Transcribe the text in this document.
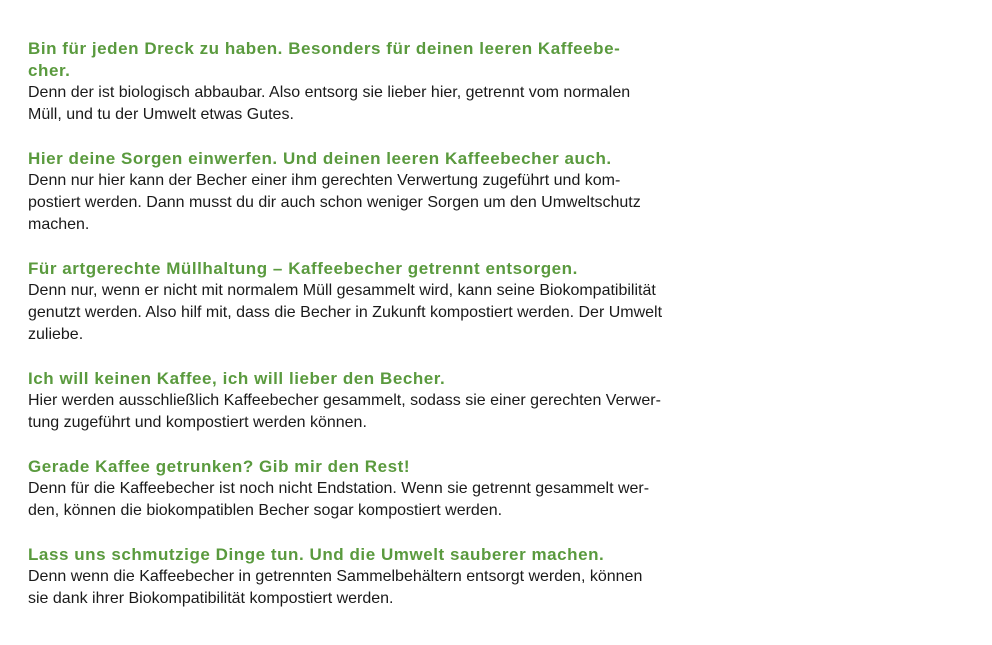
Bin für jeden Dreck zu haben. Besonders für deinen leeren Kaffeebe-
cher.

Denn der ist biologisch abbaubar. Also entsorg sie lieber hier, getrennt vom normalen
Müll, und tu der Umwelt etwas Gutes.

Hier deine Sorgen einwerfen. Und deinen leeren Kaffeebecher auch.

Denn nur hier kann der Becher einer ihm gerechten Verwertung zugeführt und kom-
postiert werden. Dann musst du dir auch schon weniger Sorgen um den Umweltschutz
machen.

Für artgerechte Müllhaltung – Kaffeebecher getrennt entsorgen.

Denn nur, wenn er nicht mit normalem Müll gesammelt wird, kann seine Biokompatibilität
genutzt werden. Also hilf mit, dass die Becher in Zukunft kompostiert werden. Der Umwelt
zuliebe.

Ich will keinen Kaffee, ich will lieber den Becher.

Hier werden ausschließlich Kaffeebecher gesammelt, sodass sie einer gerechten Verwer-
tung zugeführt und kompostiert werden können.

Gerade Kaffee getrunken? Gib mir den Rest!

Denn für die Kaffeebecher ist noch nicht Endstation. Wenn sie getrennt gesammelt wer-
den, können die biokompatiblen Becher sogar kompostiert werden.

Lass uns schmutzige Dinge tun. Und die Umwelt sauberer machen.

Denn wenn die Kaffeebecher in getrennten Sammelbehältern entsorgt werden, können
sie dank ihrer Biokompatibilität kompostiert werden.
